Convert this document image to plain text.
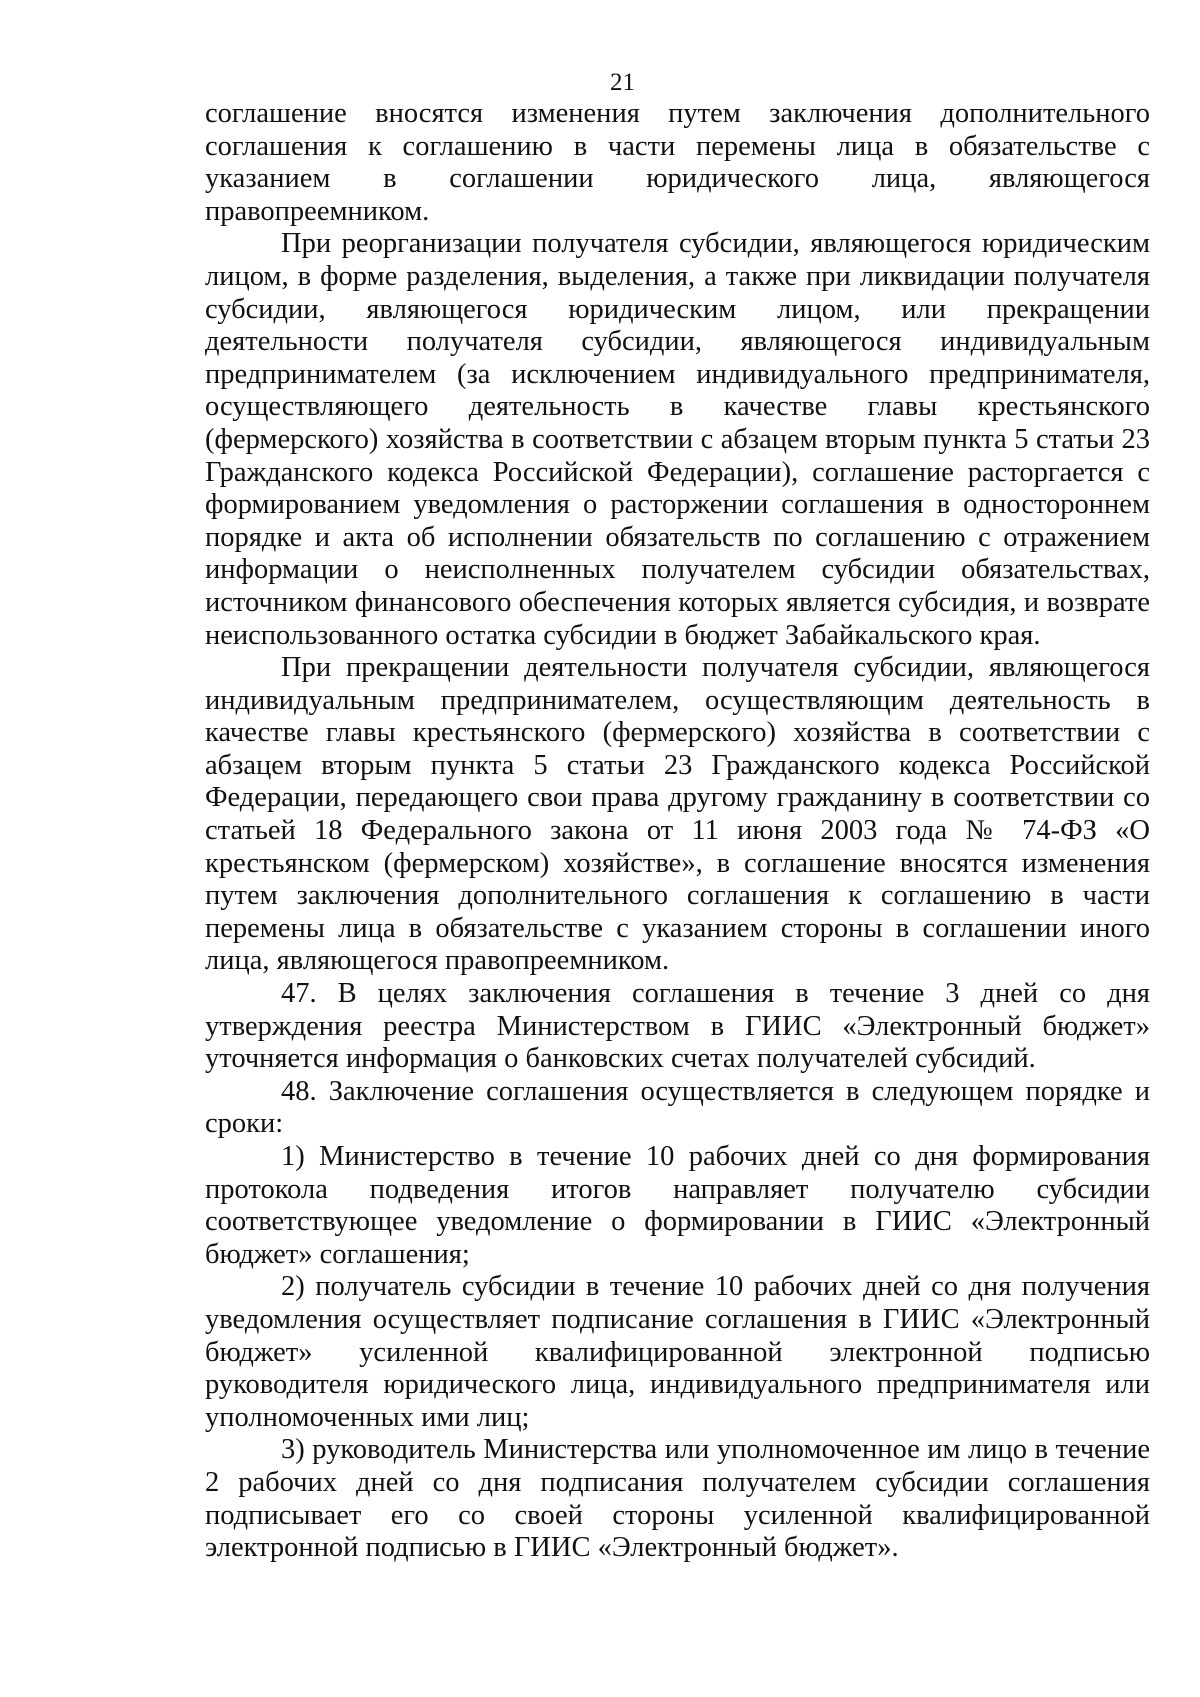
21

соглашение вносятся изменения путем заключения дополнительного соглашения к соглашению в части перемены лица в обязательстве с указанием в соглашении юридического лица, являющегося правопреемником.

При реорганизации получателя субсидии, являющегося юридическим лицом, в форме разделения, выделения, а также при ликвидации получателя субсидии, являющегося юридическим лицом, или прекращении деятельности получателя субсидии, являющегося индивидуальным предпринимателем (за исключением индивидуального предпринимателя, осуществляющего деятельность в качестве главы крестьянского (фермерского) хозяйства в соответствии с абзацем вторым пункта 5 статьи 23 Гражданского кодекса Российской Федерации), соглашение расторгается с формированием уведомления о расторжении соглашения в одностороннем порядке и акта об исполнении обязательств по соглашению с отражением информации о неисполненных получателем субсидии обязательствах, источником финансового обеспечения которых является субсидия, и возврате неиспользованного остатка субсидии в бюджет Забайкальского края.

При прекращении деятельности получателя субсидии, являющегося индивидуальным предпринимателем, осуществляющим деятельность в качестве главы крестьянского (фермерского) хозяйства в соответствии с абзацем вторым пункта 5 статьи 23 Гражданского кодекса Российской Федерации, передающего свои права другому гражданину в соответствии со статьей 18 Федерального закона от 11 июня 2003 года № 74-ФЗ «О крестьянском (фермерском) хозяйстве», в соглашение вносятся изменения путем заключения дополнительного соглашения к соглашению в части перемены лица в обязательстве с указанием стороны в соглашении иного лица, являющегося правопреемником.

47. В целях заключения соглашения в течение 3 дней со дня утверждения реестра Министерством в ГИИС «Электронный бюджет» уточняется информация о банковских счетах получателей субсидий.

48. Заключение соглашения осуществляется в следующем порядке и сроки:

1) Министерство в течение 10 рабочих дней со дня формирования протокола подведения итогов направляет получателю субсидии соответствующее уведомление о формировании в ГИИС «Электронный бюджет» соглашения;

2) получатель субсидии в течение 10 рабочих дней со дня получения уведомления осуществляет подписание соглашения в ГИИС «Электронный бюджет» усиленной квалифицированной электронной подписью руководителя юридического лица, индивидуального предпринимателя или уполномоченных ими лиц;

3) руководитель Министерства или уполномоченное им лицо в течение 2 рабочих дней со дня подписания получателем субсидии соглашения подписывает его со своей стороны усиленной квалифицированной электронной подписью в ГИИС «Электронный бюджет».
